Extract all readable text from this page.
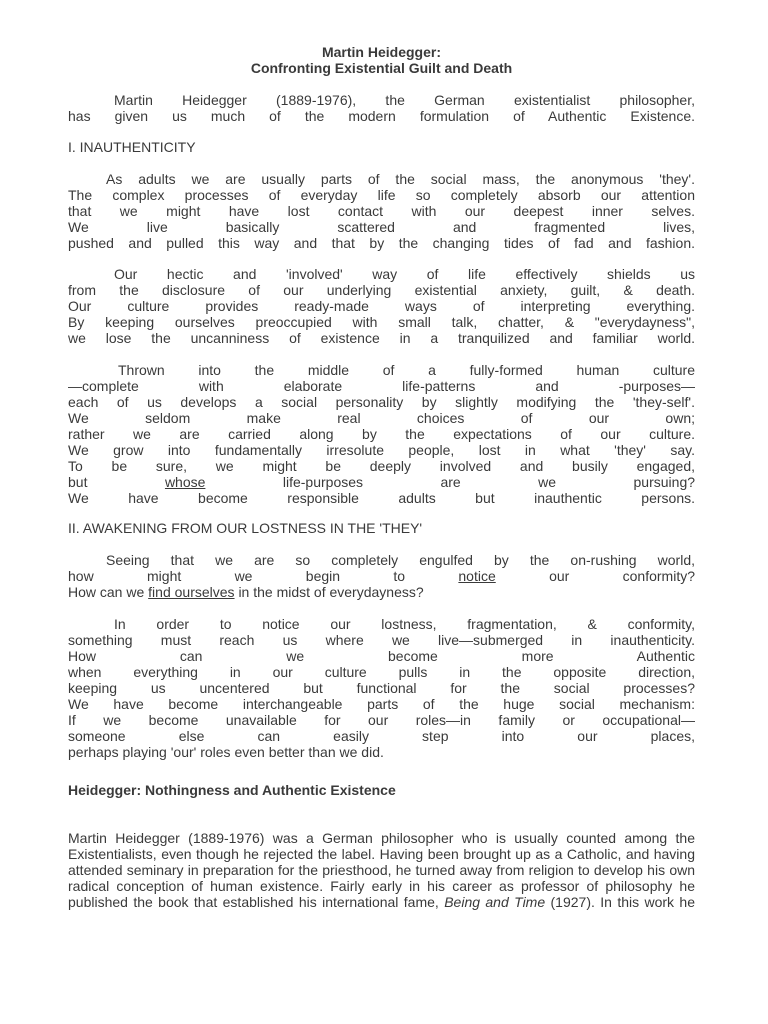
Martin Heidegger:
Confronting Existential Guilt and Death
Martin Heidegger (1889-1976), the German existentialist philosopher,
has given us much of the modern formulation of Authentic Existence.
I. INAUTHENTICITY
As adults we are usually parts of the social mass, the anonymous 'they'.
The complex processes of everyday life so completely absorb our attention
that we might have lost contact with our deepest inner selves.
We live basically scattered and fragmented lives,
pushed and pulled this way and that by the changing tides of fad and fashion.
Our hectic and 'involved' way of life effectively shields us
from the disclosure of our underlying existential anxiety, guilt, & death.
Our culture provides ready-made ways of interpreting everything.
By keeping ourselves preoccupied with small talk, chatter, & "everydayness",
we lose the uncanniness of existence in a tranquilized and familiar world.
Thrown into the middle of a fully-formed human culture
—complete with elaborate life-patterns and -purposes—
each of us develops a social personality by slightly modifying the 'they-self'.
We seldom make real choices of our own;
rather we are carried along by the expectations of our culture.
We grow into fundamentally irresolute people, lost in what 'they' say.
To be sure, we might be deeply involved and busily engaged,
but	whose	life-purposes are we pursuing?
We have become responsible adults but inauthentic persons.
II. AWAKENING FROM OUR LOSTNESS IN THE 'THEY'
Seeing that we are so completely engulfed by the on-rushing world,
how might we begin to	notice	our conformity?
How can we find ourselves in the midst of everydayness?
In order to notice our lostness, fragmentation, & conformity,
something must reach us where we live—submerged in inauthenticity.
How can we become more Authentic
when everything in our culture pulls in the opposite direction,
keeping us uncentered but functional for the social processes?
We have become interchangeable parts of the huge social mechanism:
If we become unavailable for our roles—in family or occupational—
someone else can easily step into our places,
perhaps playing 'our' roles even better than we did.
Heidegger: Nothingness and Authentic Existence
Martin Heidegger (1889-1976) was a German philosopher who is usually counted among the
Existentialists, even though he rejected the label. Having been brought up as a Catholic, and having
attended seminary in preparation for the priesthood, he turned away from religion to develop his own
radical conception of human existence. Fairly early in his career as professor of philosophy he
published the book that established his international fame, Being and Time (1927). In this work he
